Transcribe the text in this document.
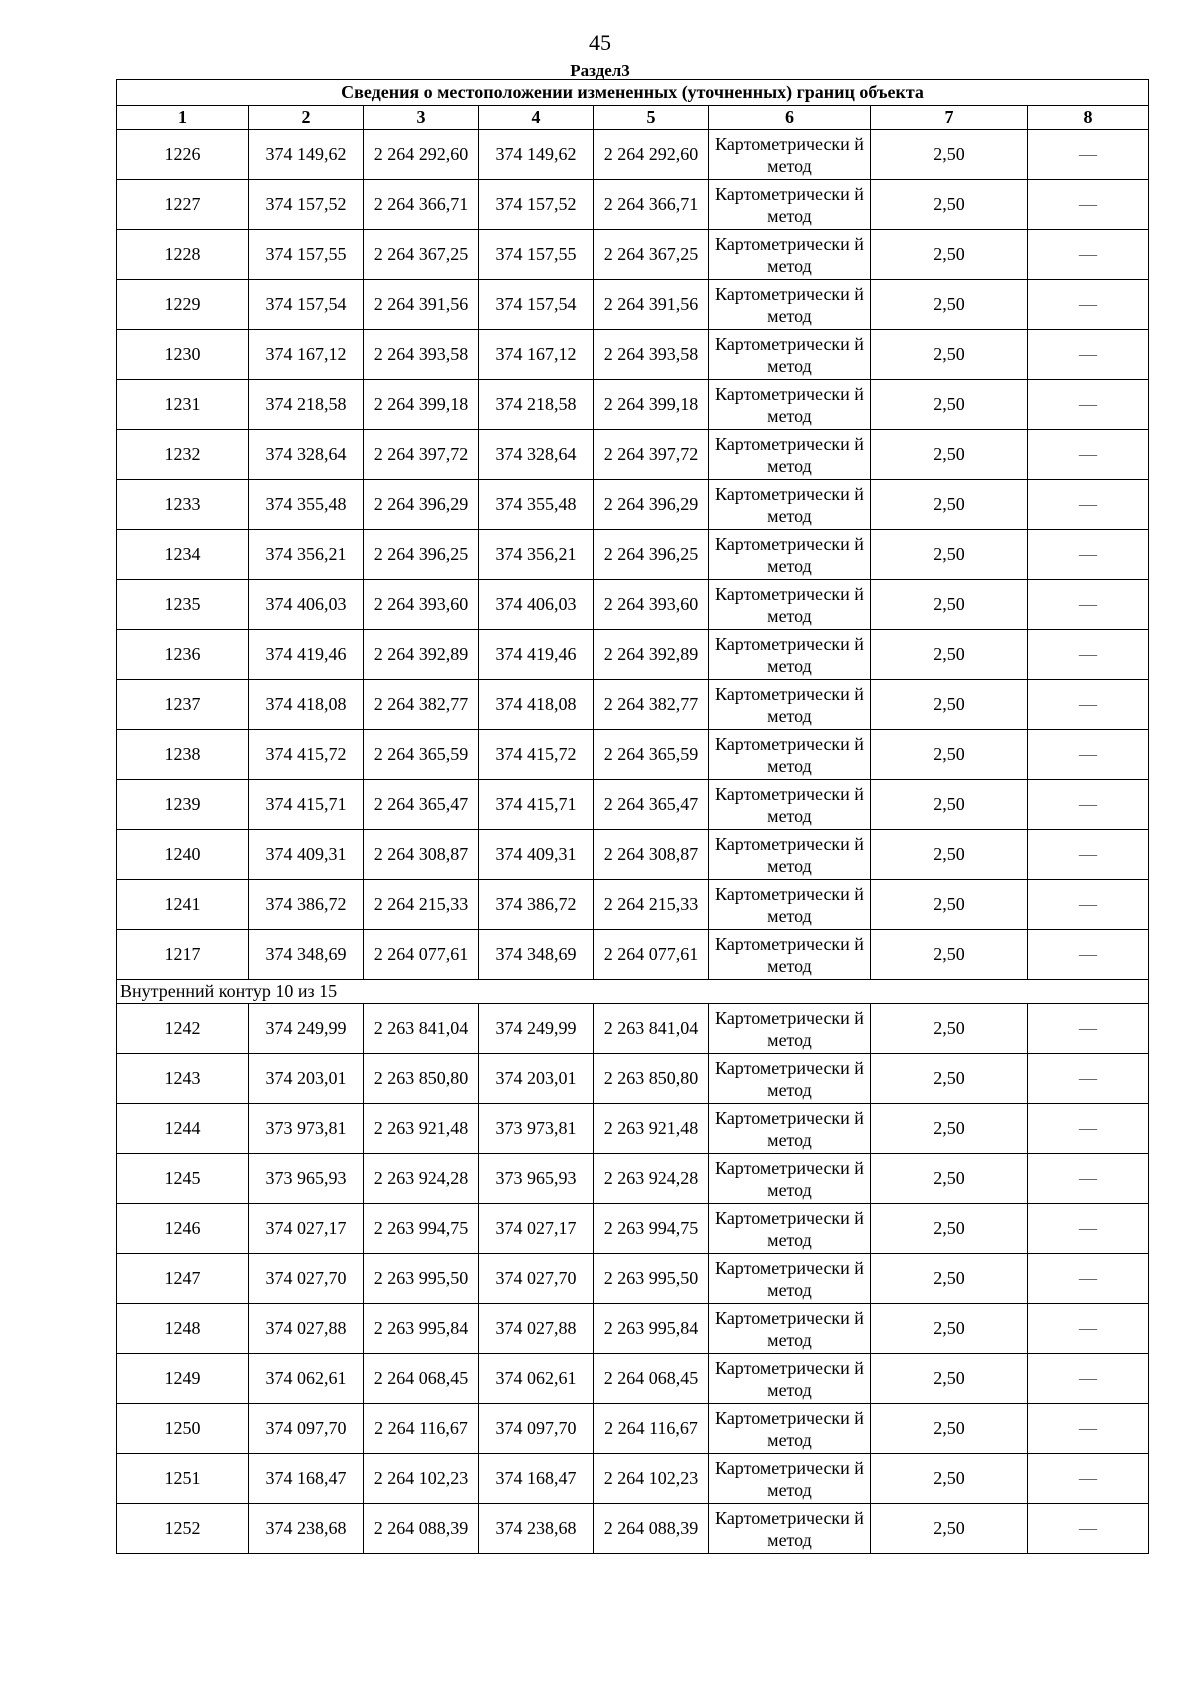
45
Раздел3
Сведения о местоположении измененных (уточненных) границ объекта							
1	2	3	4	5	6	7	8
1226	374 149,62	2 264 292,60	374 149,62	2 264 292,60	Картометрически й метод	2,50	—
1227	374 157,52	2 264 366,71	374 157,52	2 264 366,71	Картометрически й метод	2,50	—
1228	374 157,55	2 264 367,25	374 157,55	2 264 367,25	Картометрически й метод	2,50	—
1229	374 157,54	2 264 391,56	374 157,54	2 264 391,56	Картометрически й метод	2,50	—
1230	374 167,12	2 264 393,58	374 167,12	2 264 393,58	Картометрически й метод	2,50	—
1231	374 218,58	2 264 399,18	374 218,58	2 264 399,18	Картометрически й метод	2,50	—
1232	374 328,64	2 264 397,72	374 328,64	2 264 397,72	Картометрически й метод	2,50	—
1233	374 355,48	2 264 396,29	374 355,48	2 264 396,29	Картометрически й метод	2,50	—
1234	374 356,21	2 264 396,25	374 356,21	2 264 396,25	Картометрически й метод	2,50	—
1235	374 406,03	2 264 393,60	374 406,03	2 264 393,60	Картометрически й метод	2,50	—
1236	374 419,46	2 264 392,89	374 419,46	2 264 392,89	Картометрически й метод	2,50	—
1237	374 418,08	2 264 382,77	374 418,08	2 264 382,77	Картометрически й метод	2,50	—
1238	374 415,72	2 264 365,59	374 415,72	2 264 365,59	Картометрически й метод	2,50	—
1239	374 415,71	2 264 365,47	374 415,71	2 264 365,47	Картометрически й метод	2,50	—
1240	374 409,31	2 264 308,87	374 409,31	2 264 308,87	Картометрически й метод	2,50	—
1241	374 386,72	2 264 215,33	374 386,72	2 264 215,33	Картометрически й метод	2,50	—
1217	374 348,69	2 264 077,61	374 348,69	2 264 077,61	Картометрически й метод	2,50	—
Внутренний контур 10 из 15							
1242	374 249,99	2 263 841,04	374 249,99	2 263 841,04	Картометрически й метод	2,50	—
1243	374 203,01	2 263 850,80	374 203,01	2 263 850,80	Картометрически й метод	2,50	—
1244	373 973,81	2 263 921,48	373 973,81	2 263 921,48	Картометрически й метод	2,50	—
1245	373 965,93	2 263 924,28	373 965,93	2 263 924,28	Картометрически й метод	2,50	—
1246	374 027,17	2 263 994,75	374 027,17	2 263 994,75	Картометрически й метод	2,50	—
1247	374 027,70	2 263 995,50	374 027,70	2 263 995,50	Картометрически й метод	2,50	—
1248	374 027,88	2 263 995,84	374 027,88	2 263 995,84	Картометрически й метод	2,50	—
1249	374 062,61	2 264 068,45	374 062,61	2 264 068,45	Картометрически й метод	2,50	—
1250	374 097,70	2 264 116,67	374 097,70	2 264 116,67	Картометрически й метод	2,50	—
1251	374 168,47	2 264 102,23	374 168,47	2 264 102,23	Картометрически й метод	2,50	—
1252	374 238,68	2 264 088,39	374 238,68	2 264 088,39	Картометрически й метод	2,50	—
